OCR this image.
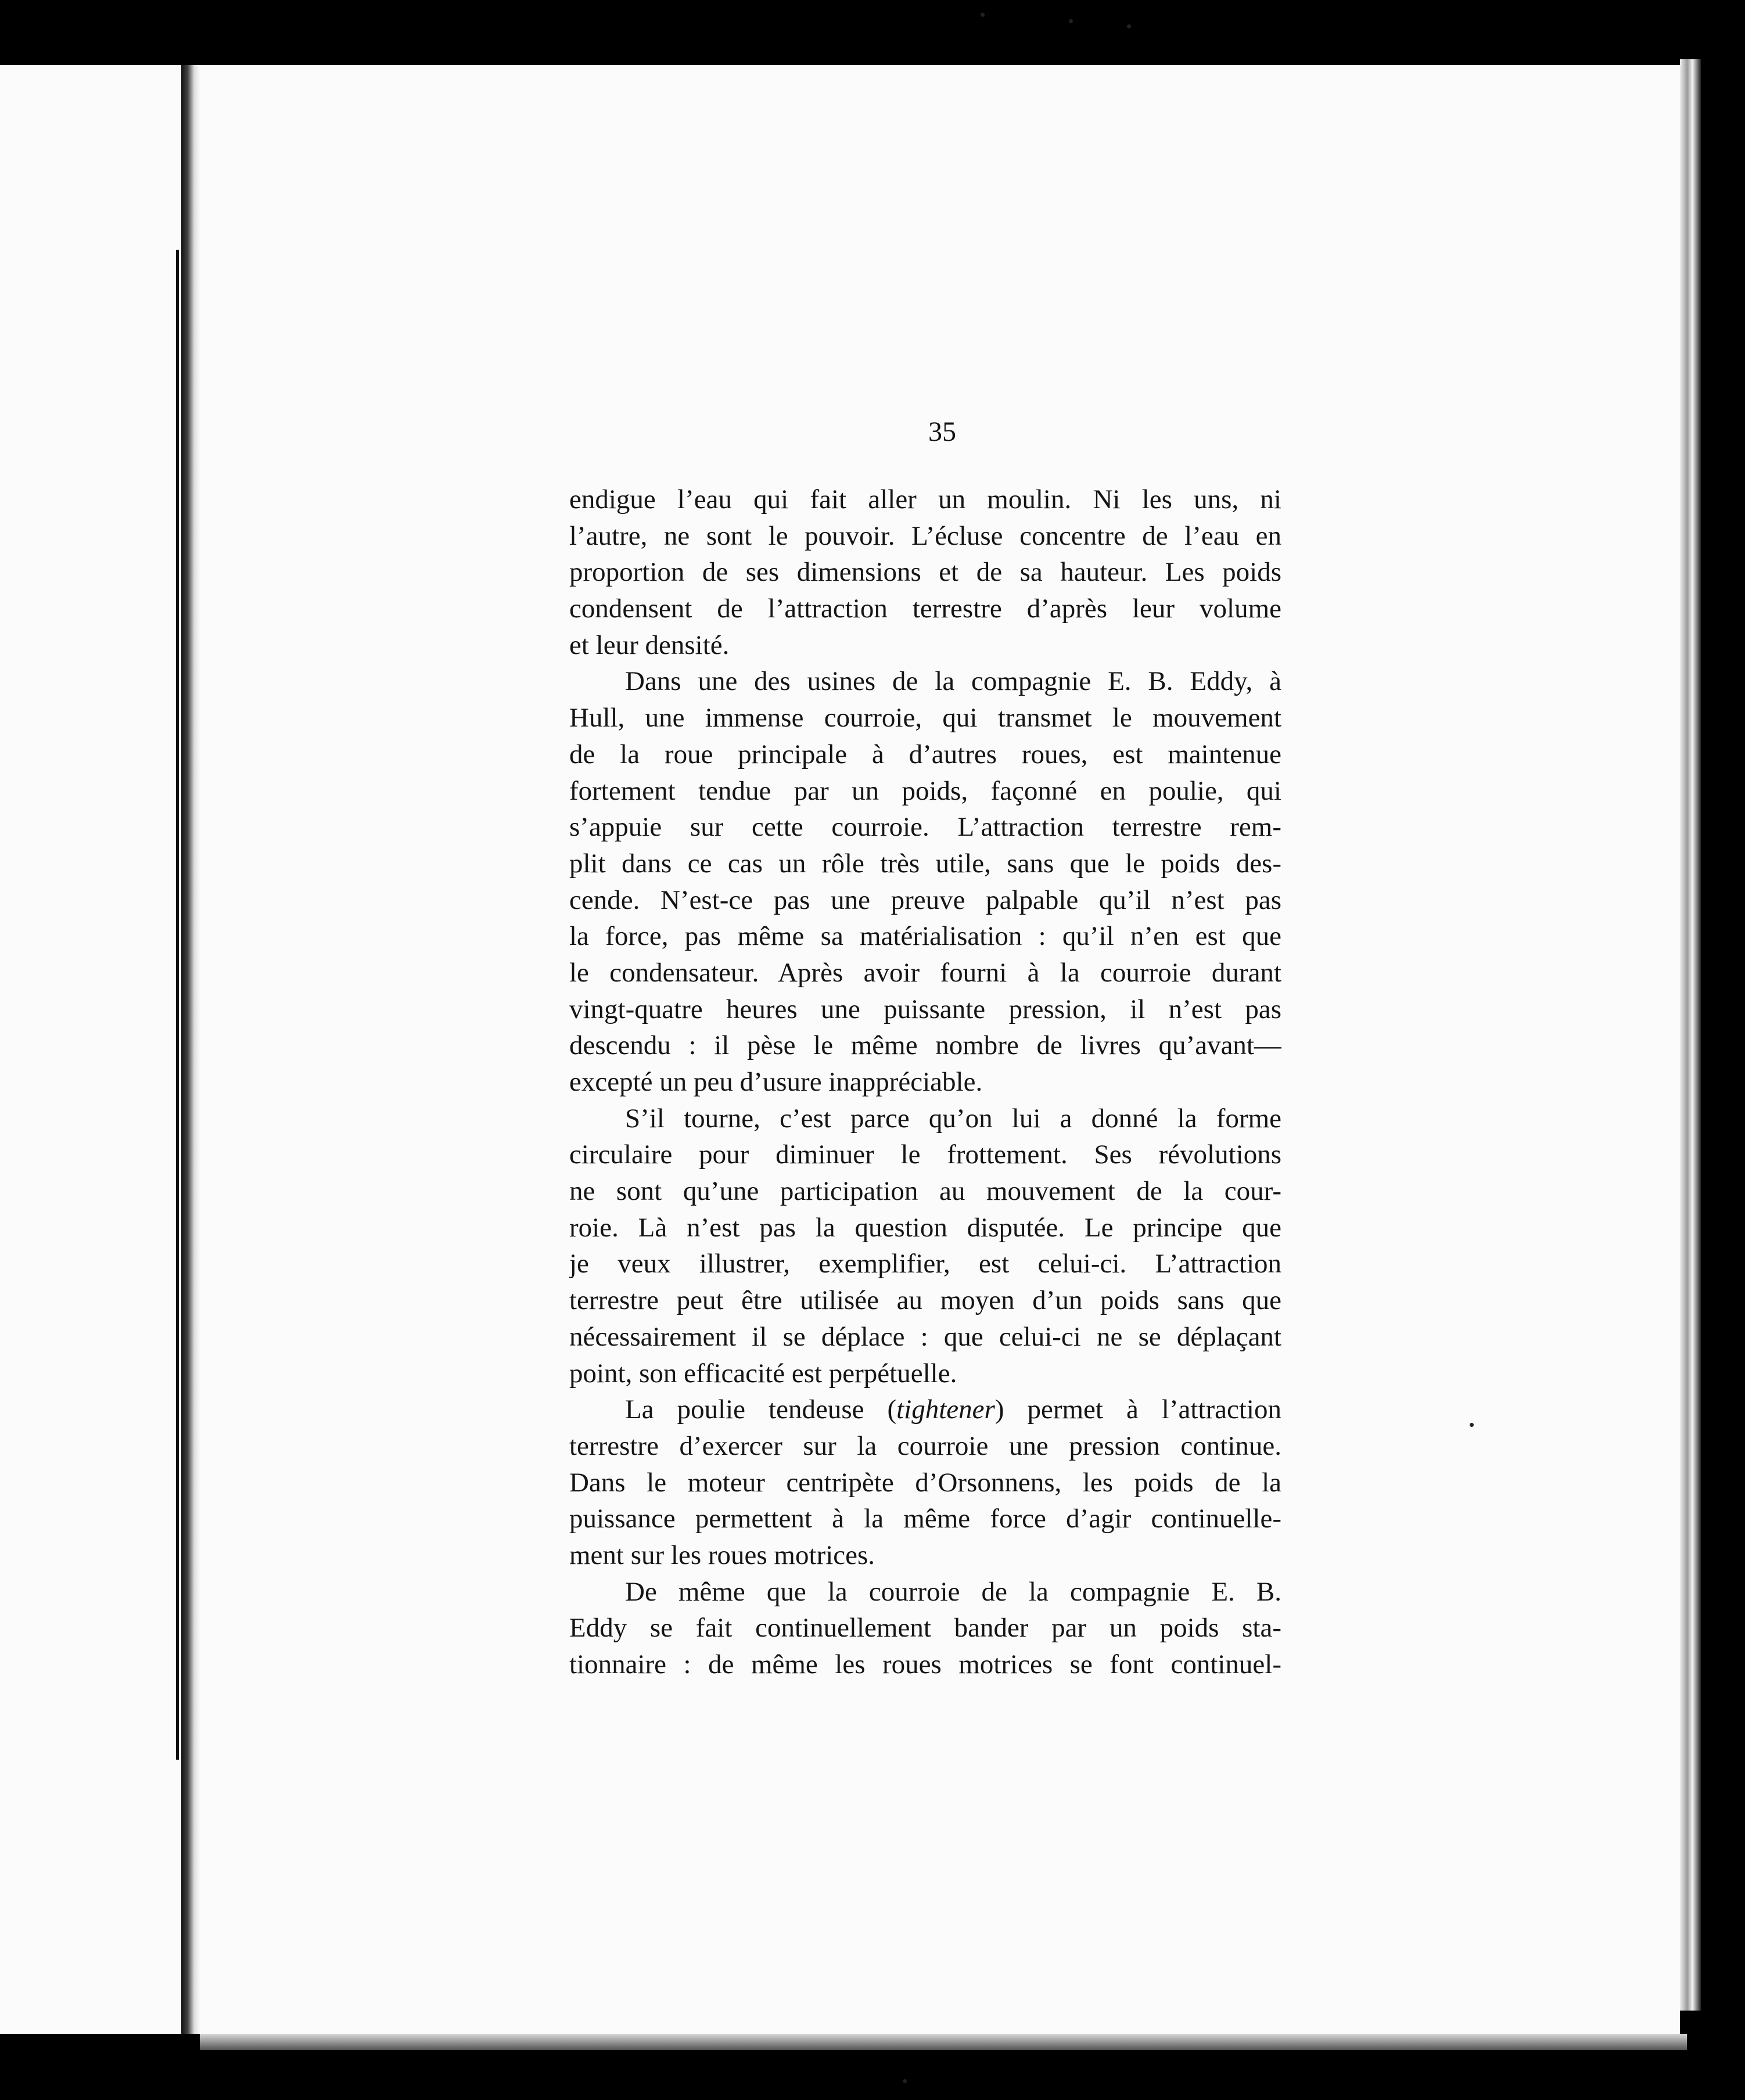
35
endigue l’eau qui fait aller un moulin. Ni les uns, ni
l’autre, ne sont le pouvoir. L’écluse concentre de l’eau en
proportion de ses dimensions et de sa hauteur. Les poids
condensent de l’attraction terrestre d’après leur volume
et leur densité.
Dans une des usines de la compagnie E. B. Eddy, à
Hull, une immense courroie, qui transmet le mouvement
de la roue principale à d’autres roues, est maintenue
fortement tendue par un poids, façonné en poulie, qui
s’appuie sur cette courroie. L’attraction terrestre rem-
plit dans ce cas un rôle très utile, sans que le poids des-
cende. N’est-ce pas une preuve palpable qu’il n’est pas
la force, pas même sa matérialisation : qu’il n’en est que
le condensateur. Après avoir fourni à la courroie durant
vingt-quatre heures une puissante pression, il n’est pas
descendu : il pèse le même nombre de livres qu’avant—
excepté un peu d’usure inappréciable.
S’il tourne, c’est parce qu’on lui a donné la forme
circulaire pour diminuer le frottement. Ses révolutions
ne sont qu’une participation au mouvement de la cour-
roie. Là n’est pas la question disputée. Le principe que
je veux illustrer, exemplifier, est celui-ci. L’attraction
terrestre peut être utilisée au moyen d’un poids sans que
nécessairement il se déplace : que celui-ci ne se déplaçant
point, son efficacité est perpétuelle.
La poulie tendeuse (tightener) permet à l’attraction
terrestre d’exercer sur la courroie une pression continue.
Dans le moteur centripète d’Orsonnens, les poids de la
puissance permettent à la même force d’agir continuelle-
ment sur les roues motrices.
De même que la courroie de la compagnie E. B.
Eddy se fait continuellement bander par un poids sta-
tionnaire : de même les roues motrices se font continuel-
